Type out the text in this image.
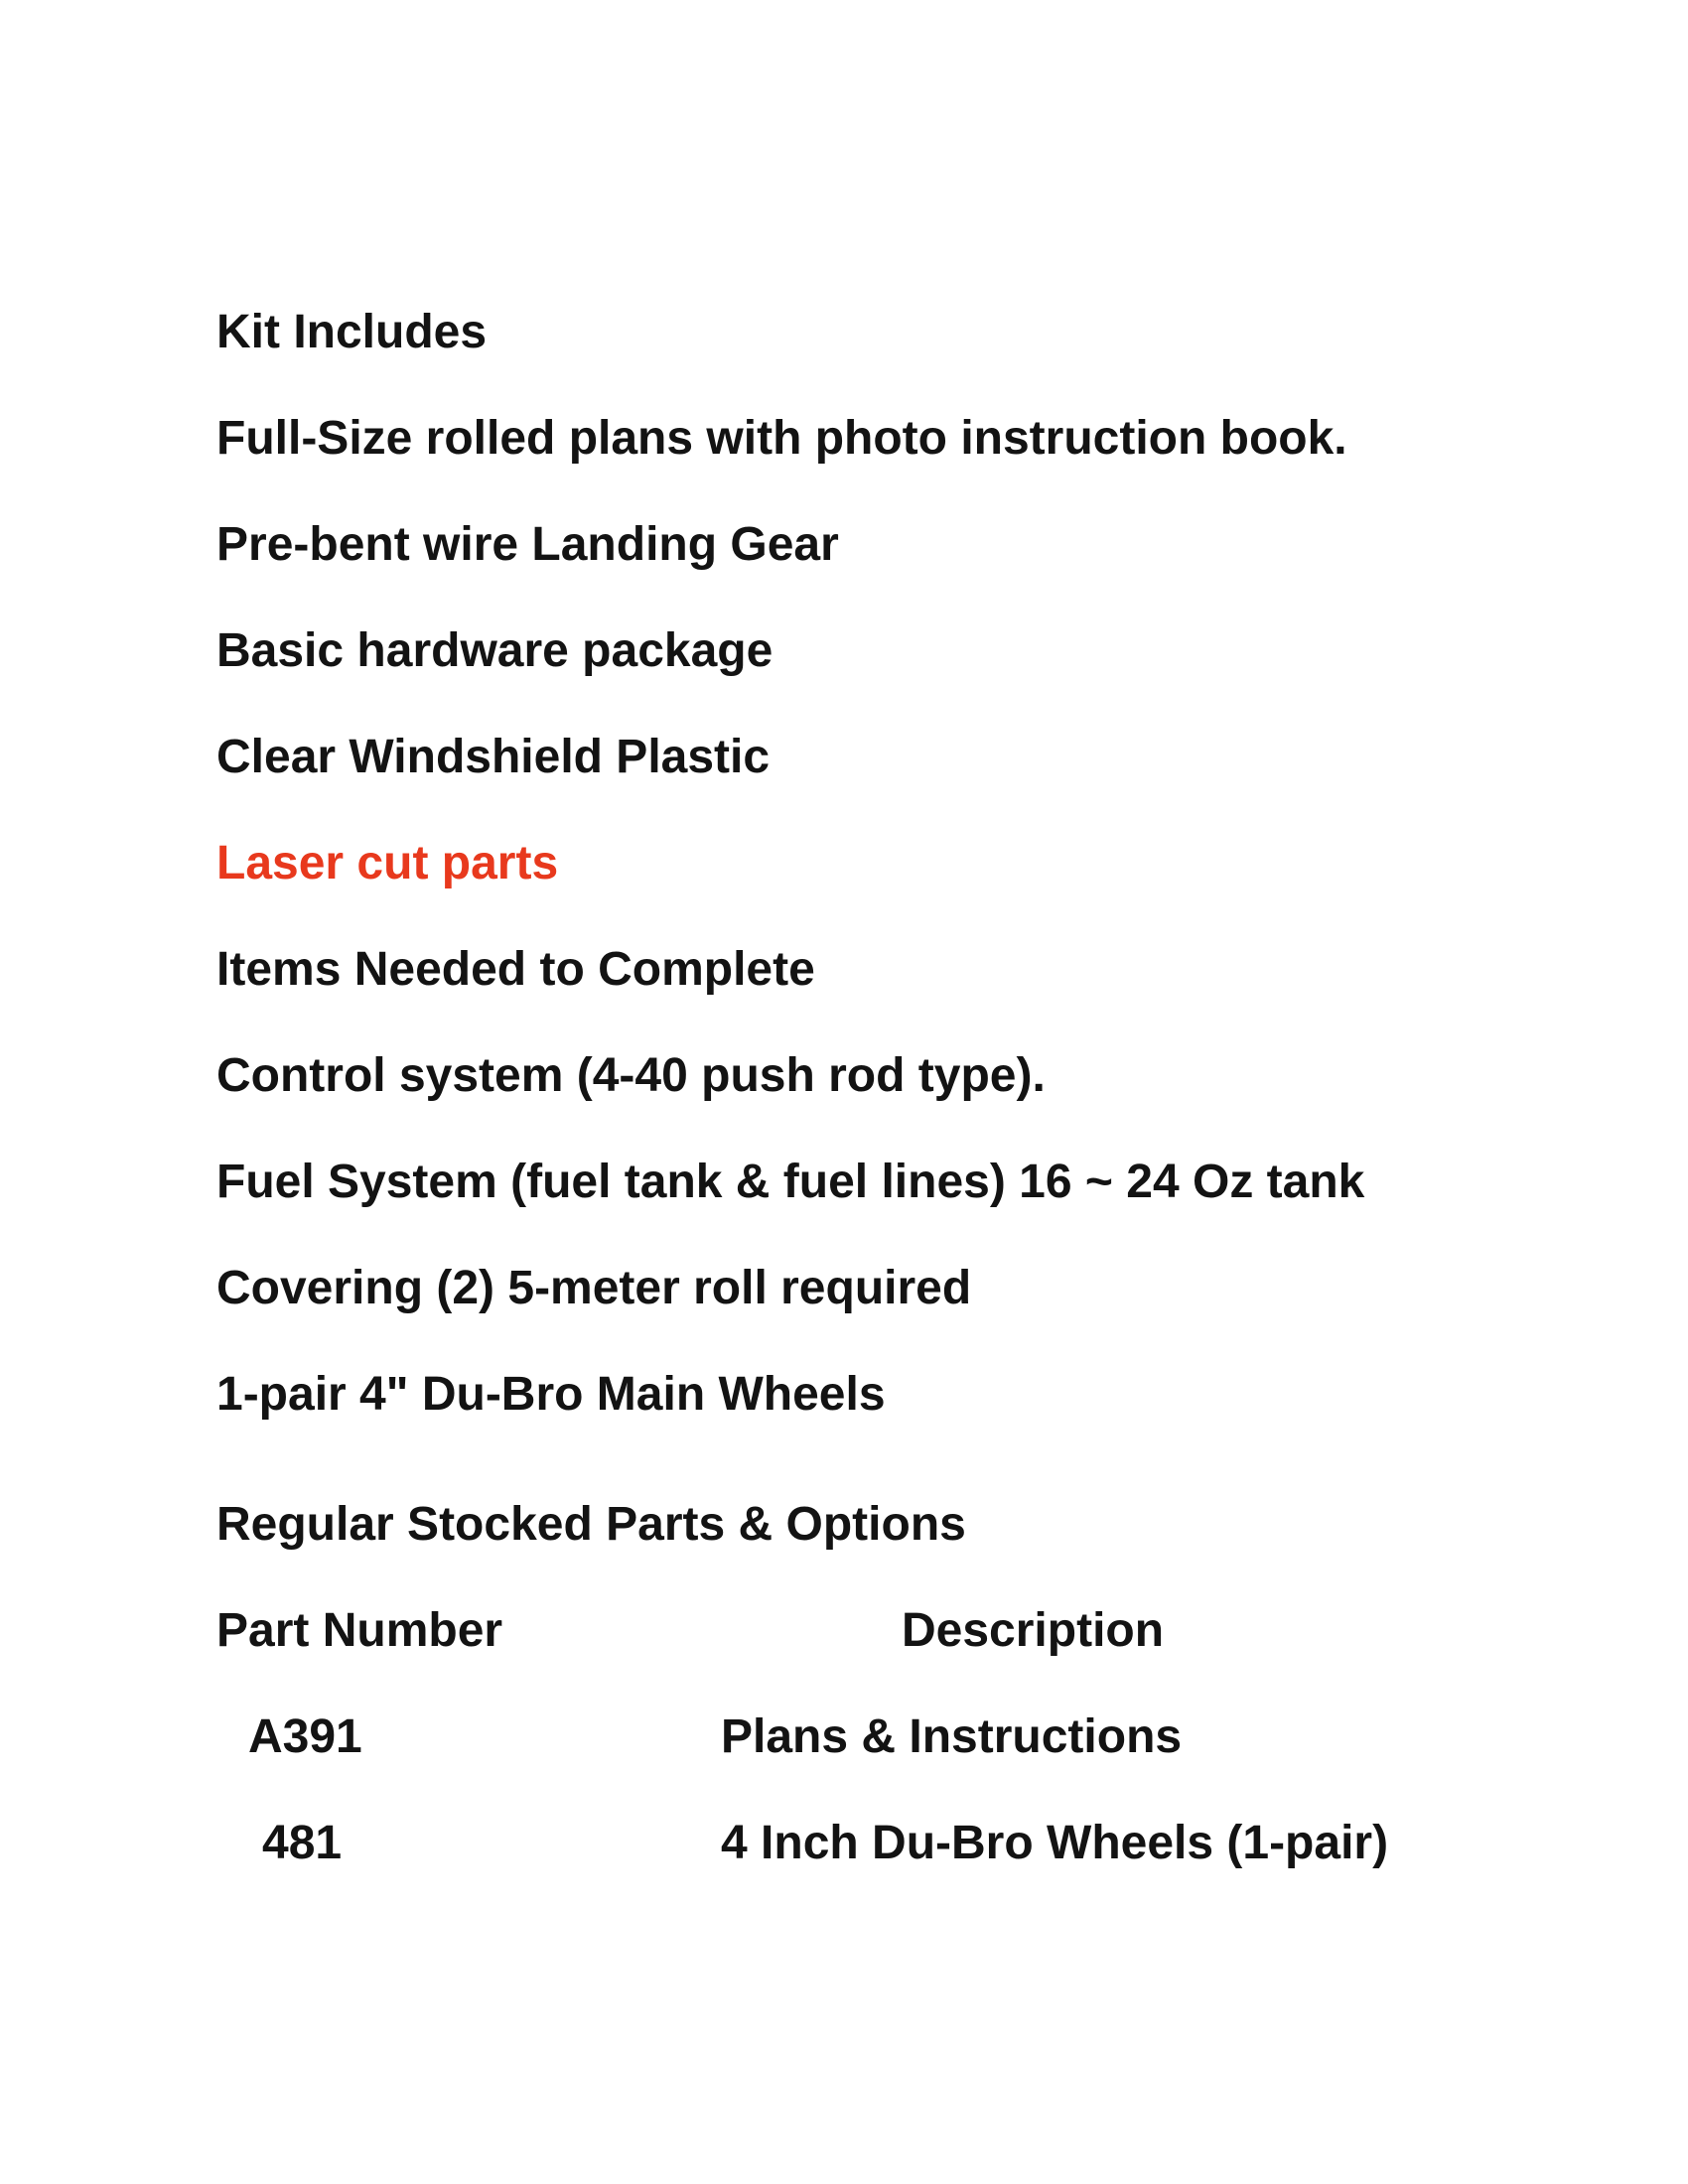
Kit Includes

Full-Size rolled plans with photo instruction book.

Pre-bent wire Landing Gear

Basic hardware package

Clear Windshield Plastic

Laser cut parts

Items Needed to Complete

Control system (4-40 push rod type).

Fuel System (fuel tank & fuel lines) 16 ~ 24 Oz tank

Covering (2) 5-meter roll required

1-pair 4" Du-Bro Main Wheels

Regular Stocked Parts & Options
Part Number	Description
A391	Plans & Instructions
481	4 Inch Du-Bro Wheels (1-pair)
